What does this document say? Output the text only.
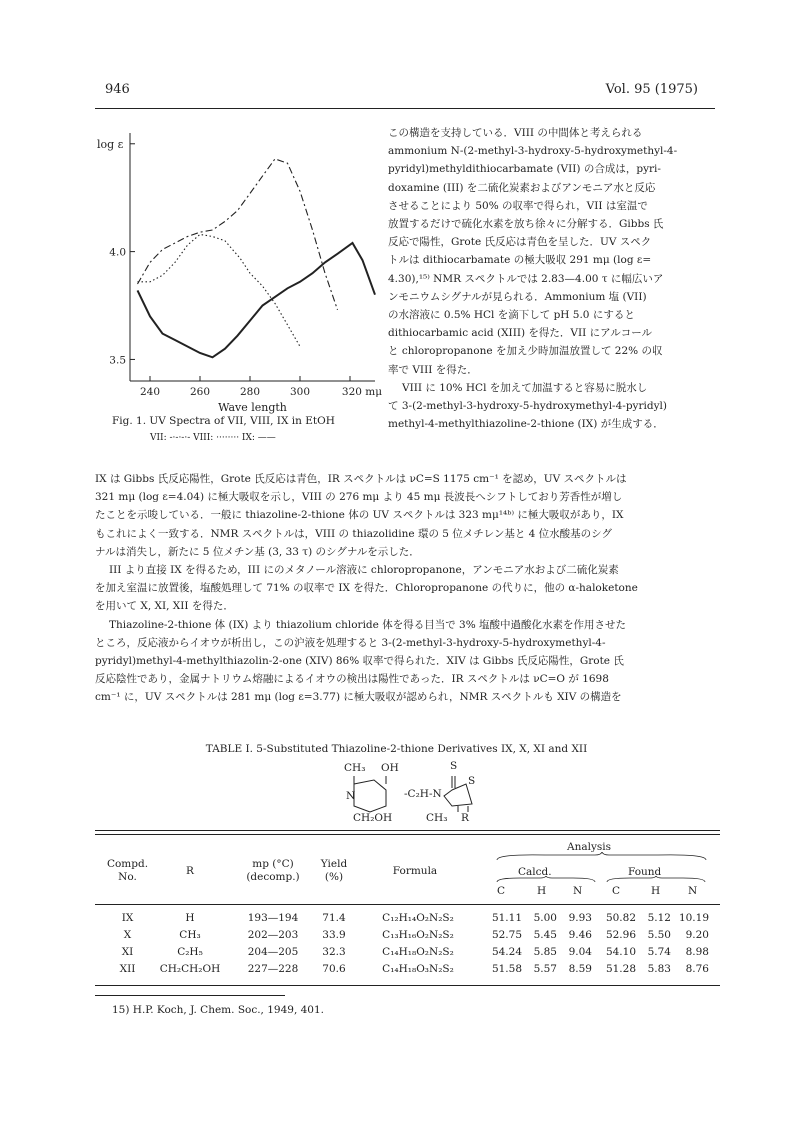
946	Vol. 95 (1975)
240	260	280	300	320 mμ
4.0
3.5
log ε
Wave length
Fig. 1. UV Spectra of VII, VIII, IX in EtOH
VII: -·-·-·- VIII: ········ IX: ——
この構造を支持している．VIII の中間体と考えられる
ammonium N-(2-methyl-3-hydroxy-5-hydroxymethyl-4-
pyridyl)methyldithiocarbamate (VII) の合成は，pyri-
doxamine (III) を二硫化炭素およびアンモニア水と反応
させることにより 50% の収率で得られ，VII は室温で
放置するだけで硫化水素を放ち徐々に分解する．Gibbs 氏
反応で陽性，Grote 氏反応は青色を呈した．UV スペク
トルは dithiocarbamate の極大吸収 291 mμ (log ε=
4.30),¹⁵⁾ NMR スペクトルでは 2.83—4.00 τ に幅広いア
ンモニウムシグナルが見られる．Ammonium 塩 (VII)
の水溶液に 0.5% HCl を滴下して pH 5.0 にすると
dithiocarbamic acid (XIII) を得た．VII にアルコール
と chloropropanone を加え少時加温放置して 22% の収
率で VIII を得た．
VIII に 10% HCl を加えて加温すると容易に脱水し
て 3-(2-methyl-3-hydroxy-5-hydroxymethyl-4-pyridyl)
methyl-4-methylthiazoline-2-thione (IX) が生成する．
IX は Gibbs 氏反応陽性，Grote 氏反応は青色，IR スペクトルは νC=S 1175 cm⁻¹ を認め，UV スペクトルは
321 mμ (log ε=4.04) に極大吸収を示し，VIII の 276 mμ より 45 mμ 長波長へシフトしており芳香性が増し
たことを示唆している．一般に thiazoline-2-thione 体の UV スペクトルは 323 mμ¹⁴ᵇ⁾ に極大吸収があり，IX
もこれによく一致する．NMR スペクトルは，VIII の thiazolidine 環の 5 位メチレン基と 4 位水酸基のシグ
ナルは消失し，新たに 5 位メチン基 (3, 33 τ) のシグナルを示した．
III より直接 IX を得るため，III にのメタノール溶液に chloropropanone，アンモニア水および二硫化炭素
を加え室温に放置後，塩酸処理して 71% の収率で IX を得た．Chloropropanone の代りに，他の α-haloketone
を用いて X, XI, XII を得た．
Thiazoline-2-thione 体 (IX) より thiazolium chloride 体を得る目当で 3% 塩酸中過酸化水素を作用させた
ところ，反応液からイオウが析出し，この沪液を処理すると 3-(2-methyl-3-hydroxy-5-hydroxymethyl-4-
pyridyl)methyl-4-methylthiazolin-2-one (XIV) 86% 収率で得られた．XIV は Gibbs 氏反応陽性，Grote 氏
反応陰性であり，金属ナトリウム熔融によるイオウの検出は陽性であった．IR スペクトルは νC=O が 1698
cm⁻¹ に，UV スペクトルは 281 mμ (log ε=3.77) に極大吸収が認められ，NMR スペクトルも XIV の構造を
TABLE I. 5-Substituted Thiazoline-2-thione Derivatives IX, X, XI and XII
CH₃ OH	S
S
N	-C₂H-N
CH₂OH	CH₃ R
Analysis
Compd.
No.	R
mp (°C)
(decomp.)
Yield
(%)	Formula	Calcd.	Found
C	H	N	C	H	N
IX	H	193—194	71.4	C₁₂H₁₄O₂N₂S₂	51.11	5.00	9.93	50.82	5.12 10.19
X	CH₃	202—203	33.9	C₁₃H₁₆O₂N₂S₂	52.75	5.45	9.46	52.96	5.50	9.20
XI	C₂H₅	204—205	32.3	C₁₄H₁₈O₂N₂S₂	54.24	5.85	9.04	54.10	5.74	8.98
XII	CH₂CH₂OH	227—228	70.6	C₁₄H₁₈O₃N₂S₂	51.58	5.57	8.59	51.28	5.83	8.76
15) H.P. Koch, J. Chem. Soc., 1949, 401.
